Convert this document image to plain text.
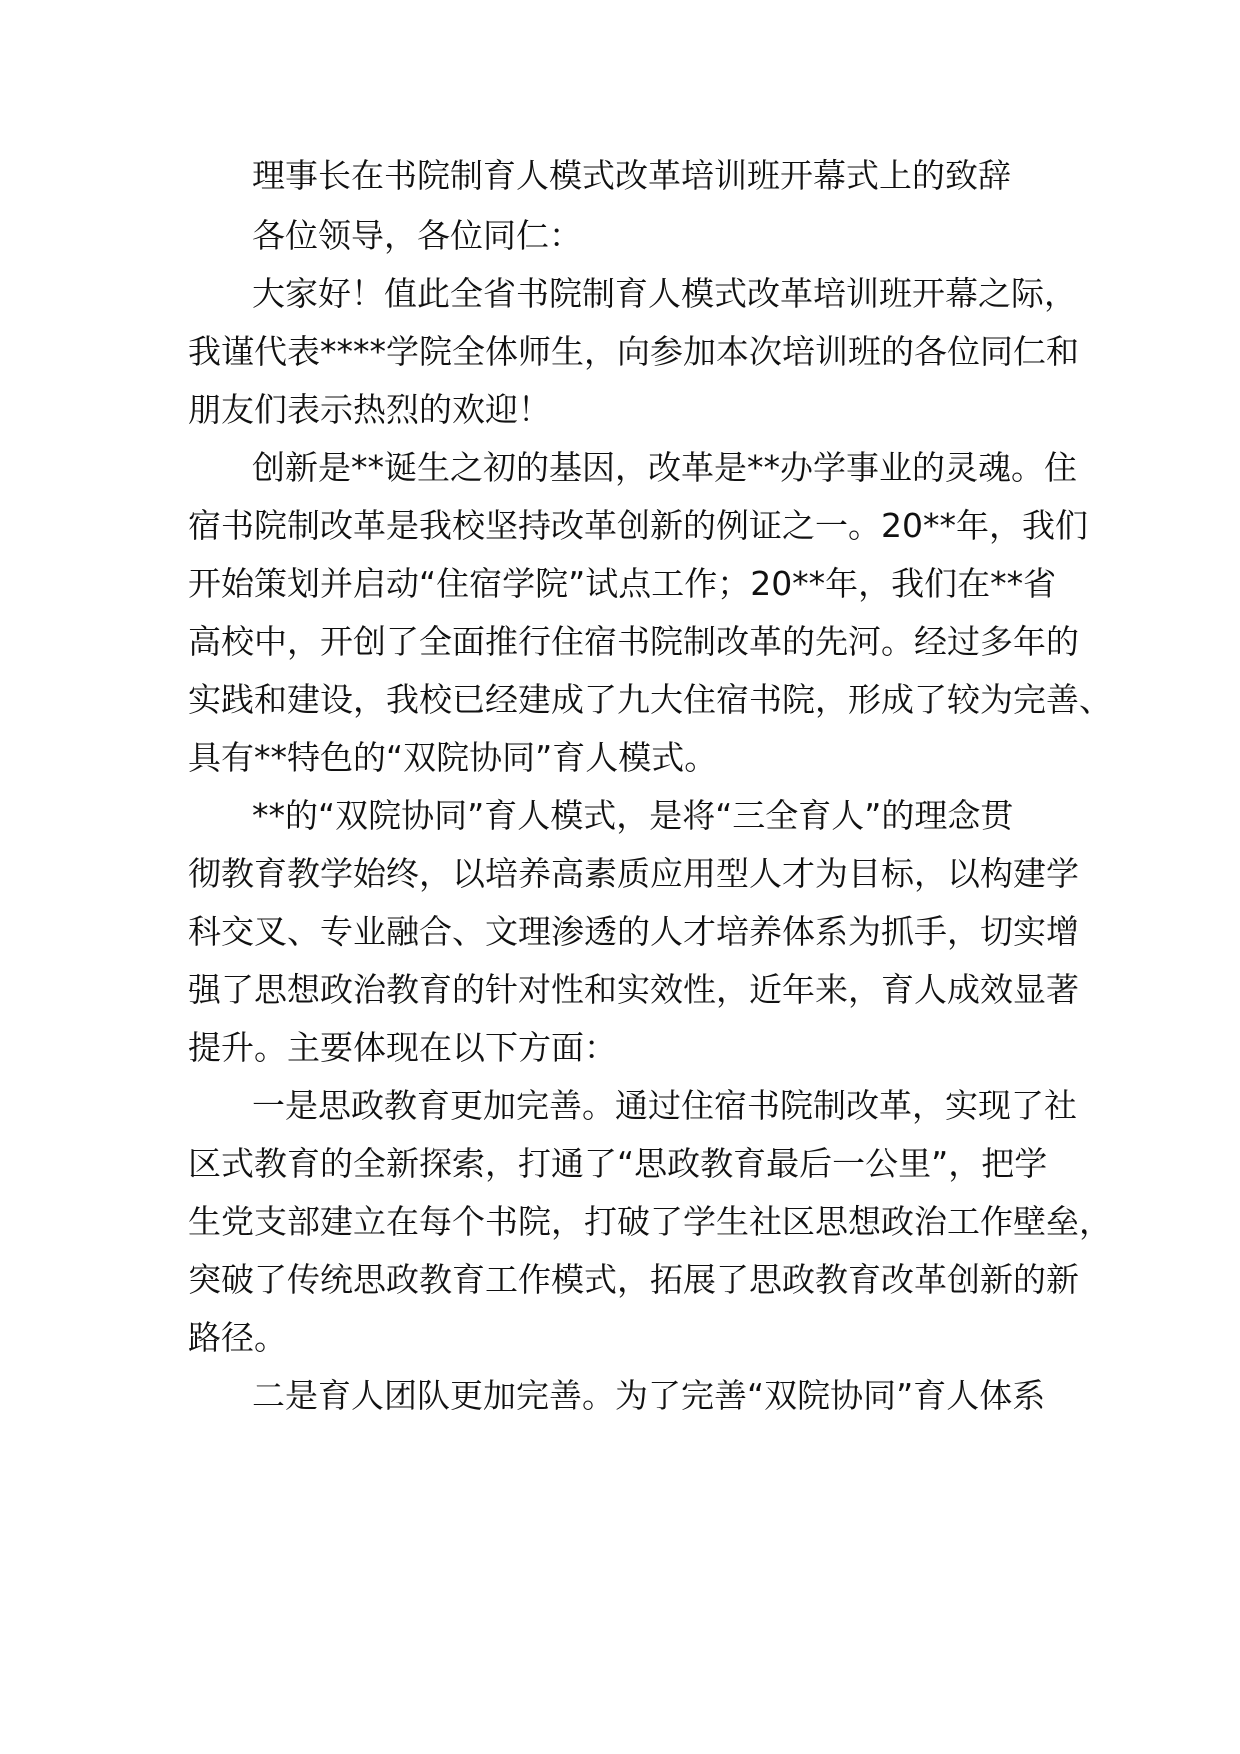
理事长在书院制育人模式改革培训班开幕式上的致辞
各位领导，各位同仁：
大家好！值此全省书院制育人模式改革培训班开幕之际，
我谨代表****学院全体师生，向参加本次培训班的各位同仁和
朋友们表示热烈的欢迎！
创新是**诞生之初的基因，改革是**办学事业的灵魂。住
宿书院制改革是我校坚持改革创新的例证之一。20**年，我们
开始策划并启动“住宿学院”试点工作；20**年，我们在**省
高校中，开创了全面推行住宿书院制改革的先河。经过多年的
实践和建设，我校已经建成了九大住宿书院，形成了较为完善、
具有**特色的“双院协同”育人模式。
**的“双院协同”育人模式，是将“三全育人”的理念贯
彻教育教学始终，以培养高素质应用型人才为目标，以构建学
科交叉、专业融合、文理渗透的人才培养体系为抓手，切实增
强了思想政治教育的针对性和实效性，近年来，育人成效显著
提升。主要体现在以下方面：
一是思政教育更加完善。通过住宿书院制改革，实现了社
区式教育的全新探索，打通了“思政教育最后一公里”，把学
生党支部建立在每个书院，打破了学生社区思想政治工作壁垒，
突破了传统思政教育工作模式，拓展了思政教育改革创新的新
路径。
二是育人团队更加完善。为了完善“双院协同”育人体系
